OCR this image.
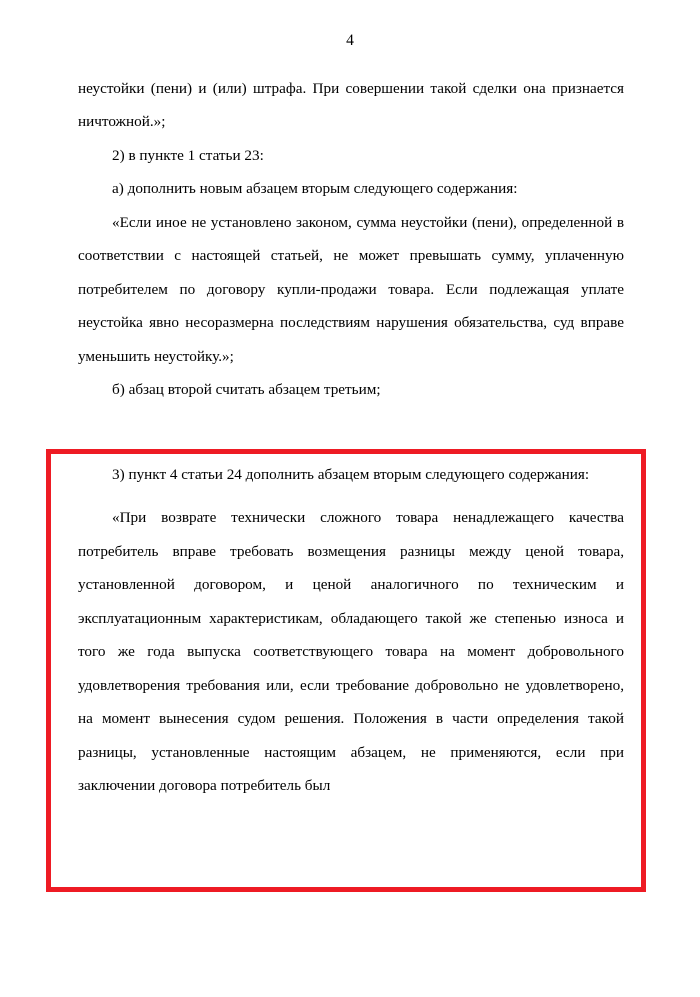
4

неустойки (пени) и (или) штрафа. При совершении такой сделки она признается ничтожной.»;

2) в пункте 1 статьи 23:

а) дополнить новым абзацем вторым следующего содержания:

«Если иное не установлено законом, сумма неустойки (пени), определенной в соответствии с настоящей статьей, не может превышать сумму, уплаченную потребителем по договору купли-продажи товара. Если подлежащая уплате неустойка явно несоразмерна последствиям нарушения обязательства, суд вправе уменьшить неустойку.»;

б) абзац второй считать абзацем третьим;

3) пункт 4 статьи 24 дополнить абзацем вторым следующего содержания:

«При возврате технически сложного товара ненадлежащего качества потребитель вправе требовать возмещения разницы между ценой товара, установленной договором, и ценой аналогичного по техническим и эксплуатационным характеристикам, обладающего такой же степенью износа и того же года выпуска соответствующего товара на момент добровольного удовлетворения требования или, если требование добровольно не удовлетворено, на момент вынесения судом решения. Положения в части определения такой разницы, установленные настоящим абзацем, не применяются, если при заключении договора потребитель был
